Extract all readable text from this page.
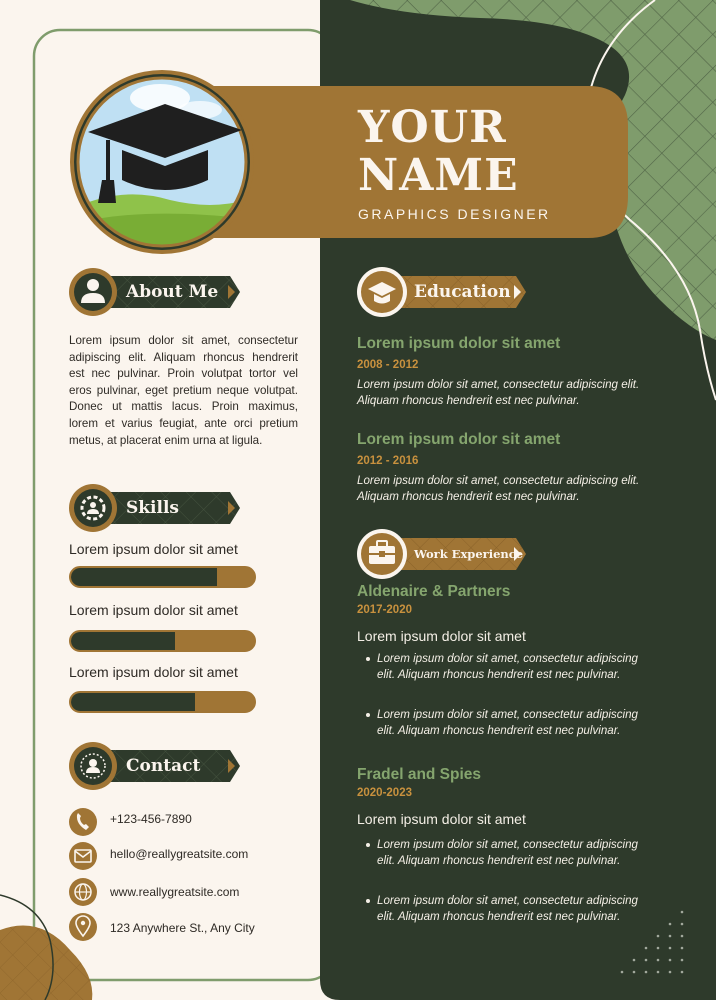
YOUR NAME
GRAPHICS DESIGNER
About Me
Lorem ipsum dolor sit amet, consectetur adipiscing elit. Aliquam rhoncus hendrerit est nec pulvinar. Proin volutpat tortor vel eros pulvinar, eget pretium neque volutpat. Donec ut mattis lacus. Proin maximus, lorem et varius feugiat, ante orci pretium metus, at placerat enim urna at ligula.
Skills
Lorem ipsum dolor sit amet
Lorem ipsum dolor sit amet
Lorem ipsum dolor sit amet
Contact
+123-456-7890
hello@reallygreatsite.com
www.reallygreatsite.com
123 Anywhere St., Any City
Education
Lorem ipsum dolor sit amet
2008 - 2012
Lorem ipsum dolor sit amet, consectetur adipiscing elit. Aliquam rhoncus hendrerit est nec pulvinar.
Lorem ipsum dolor sit amet
2012 - 2016
Lorem ipsum dolor sit amet, consectetur adipiscing elit. Aliquam rhoncus hendrerit est nec pulvinar.
Work Experience
Aldenaire & Partners
2017-2020
Lorem ipsum dolor sit amet
Lorem ipsum dolor sit amet, consectetur adipiscing elit. Aliquam rhoncus hendrerit est nec pulvinar.
Lorem ipsum dolor sit amet, consectetur adipiscing elit. Aliquam rhoncus hendrerit est nec pulvinar.
Fradel and Spies
2020-2023
Lorem ipsum dolor sit amet
Lorem ipsum dolor sit amet, consectetur adipiscing elit. Aliquam rhoncus hendrerit est nec pulvinar.
Lorem ipsum dolor sit amet, consectetur adipiscing elit. Aliquam rhoncus hendrerit est nec pulvinar.
